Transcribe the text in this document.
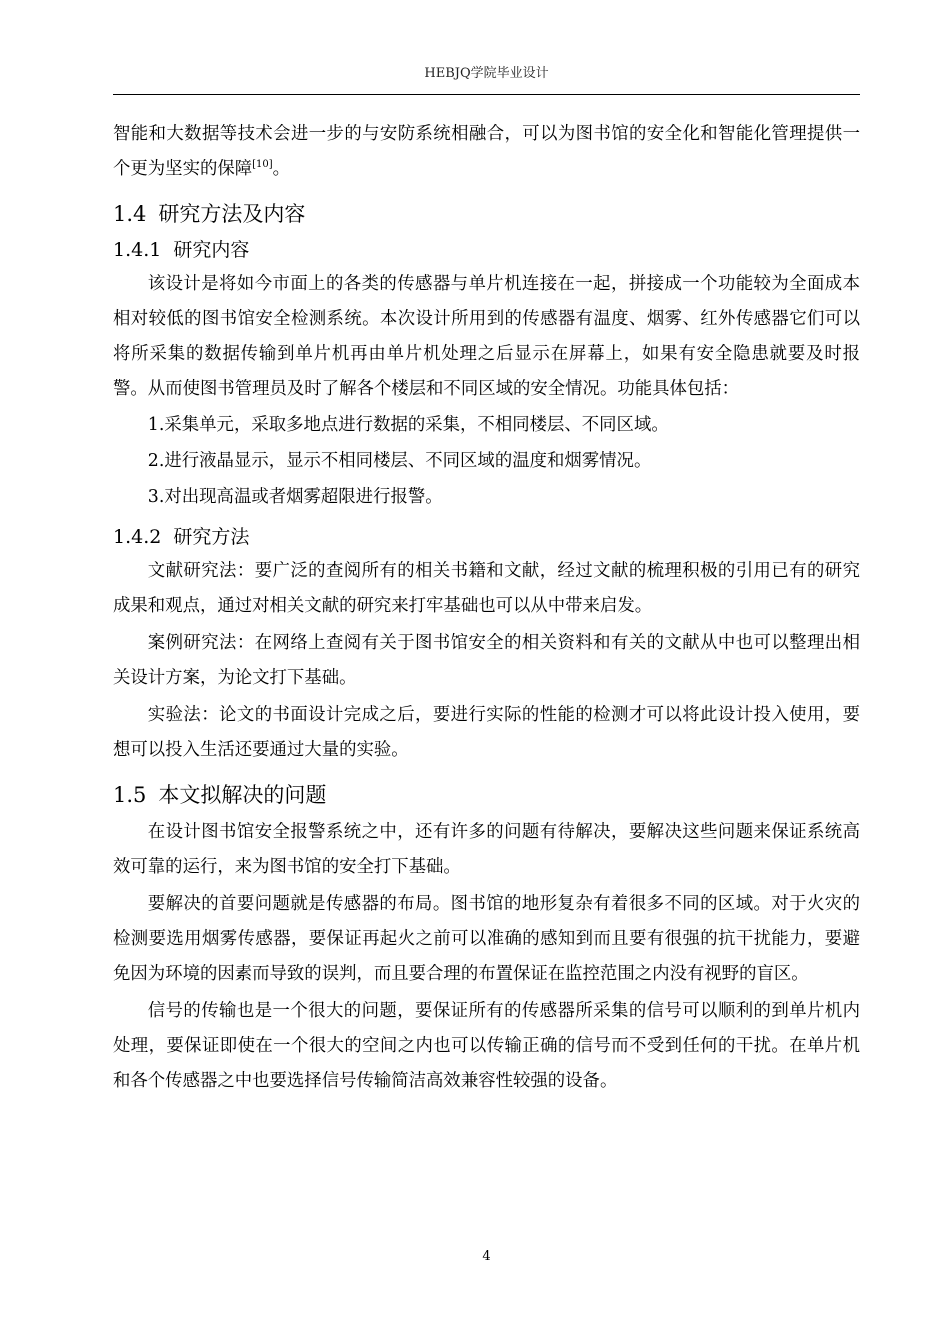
HEBJQ学院毕业设计

智能和大数据等技术会进一步的与安防系统相融合，可以为图书馆的安全化和智能化管理提供一个更为坚实的保障[10]。

1.4 研究方法及内容
1.4.1 研究内容

该设计是将如今市面上的各类的传感器与单片机连接在一起，拼接成一个功能较为全面成本相对较低的图书馆安全检测系统。本次设计所用到的传感器有温度、烟雾、红外传感器它们可以将所采集的数据传输到单片机再由单片机处理之后显示在屏幕上，如果有安全隐患就要及时报警。从而使图书管理员及时了解各个楼层和不同区域的安全情况。功能具体包括：

1.采集单元，采取多地点进行数据的采集，不相同楼层、不同区域。

2.进行液晶显示，显示不相同楼层、不同区域的温度和烟雾情况。

3.对出现高温或者烟雾超限进行报警。

1.4.2 研究方法

文献研究法：要广泛的查阅所有的相关书籍和文献，经过文献的梳理积极的引用已有的研究成果和观点，通过对相关文献的研究来打牢基础也可以从中带来启发。

案例研究法：在网络上查阅有关于图书馆安全的相关资料和有关的文献从中也可以整理出相关设计方案，为论文打下基础。

实验法：论文的书面设计完成之后，要进行实际的性能的检测才可以将此设计投入使用，要想可以投入生活还要通过大量的实验。

1.5 本文拟解决的问题

在设计图书馆安全报警系统之中，还有许多的问题有待解决，要解决这些问题来保证系统高效可靠的运行，来为图书馆的安全打下基础。

要解决的首要问题就是传感器的布局。图书馆的地形复杂有着很多不同的区域。对于火灾的检测要选用烟雾传感器，要保证再起火之前可以准确的感知到而且要有很强的抗干扰能力，要避免因为环境的因素而导致的误判，而且要合理的布置保证在监控范围之内没有视野的盲区。

信号的传输也是一个很大的问题，要保证所有的传感器所采集的信号可以顺利的到单片机内处理，要保证即使在一个很大的空间之内也可以传输正确的信号而不受到任何的干扰。在单片机和各个传感器之中也要选择信号传输简洁高效兼容性较强的设备。

4
